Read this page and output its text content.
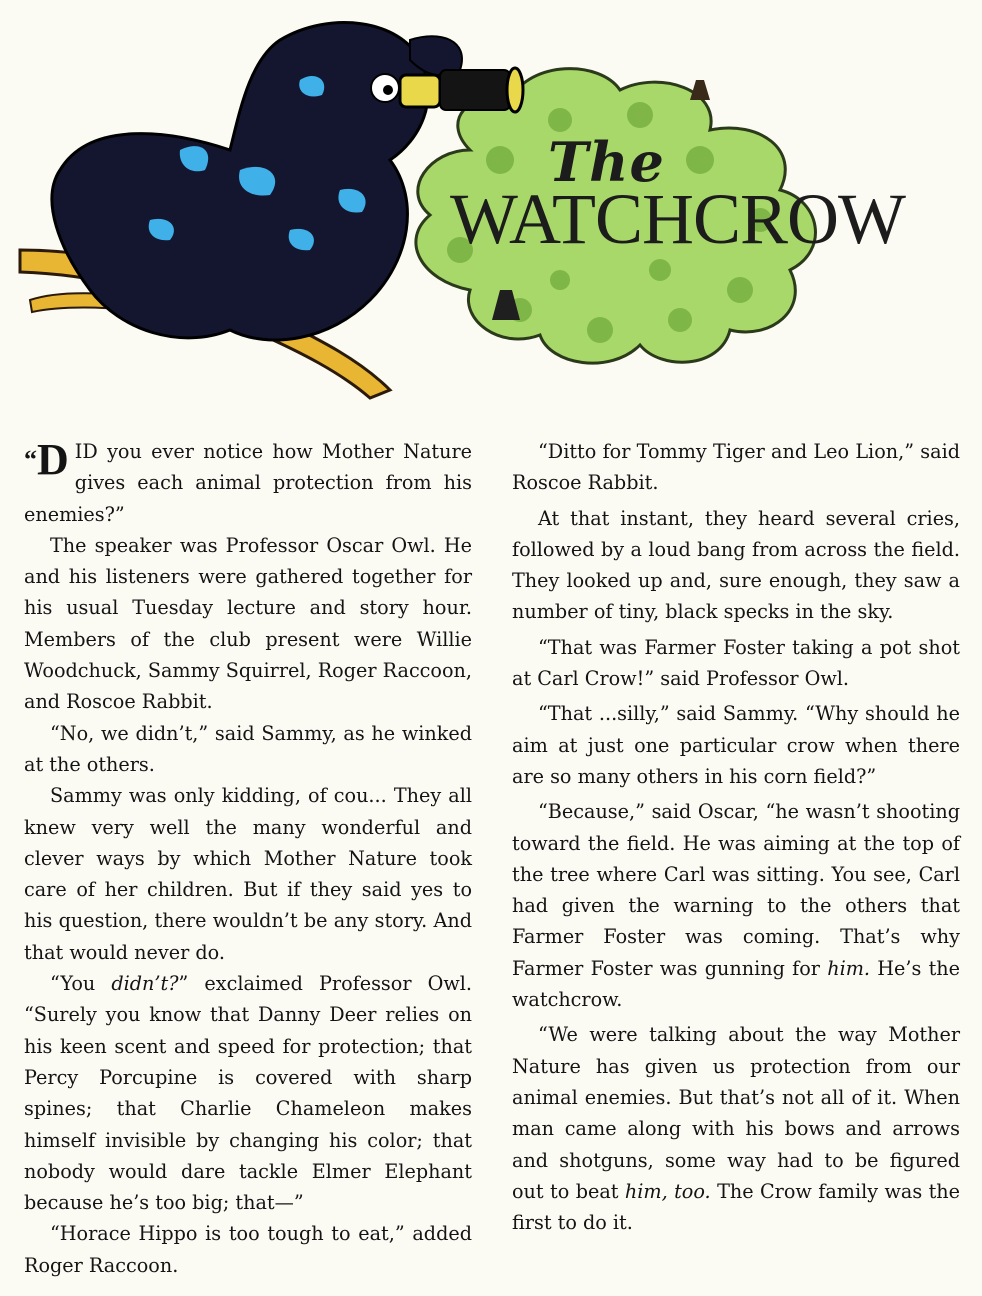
The
WATCHCROW

“D ID you ever notice how Mother Nature gives each animal protection from his enemies?”

The speaker was Professor Oscar Owl. He and his listeners were gathered together for his usual Tuesday lecture and story hour. Members of the club present were Willie Woodchuck, Sammy Squirrel, Roger Raccoon, and Roscoe Rabbit.

“No, we didn’t,” said Sammy, as he winked at the others.

Sammy was only kidding, of cou... They all knew very well the many wonderful and clever ways by which Mother Nature took care of her children. But if they said yes to his question, there wouldn’t be any story. And that would never do.

“You didn’t?” exclaimed Professor Owl. “Surely you know that Danny Deer relies on his keen scent and speed for protection; that Percy Porcupine is covered with sharp spines; that Charlie Chameleon makes himself invisible by changing his color; that nobody would dare tackle Elmer Elephant because he’s too big; that—”

“Horace Hippo is too tough to eat,” added Roger Raccoon.

“Ditto for Tommy Tiger and Leo Lion,” said Roscoe Rabbit.

At that instant, they heard several cries, followed by a loud bang from across the field. They looked up and, sure enough, they saw a number of tiny, black specks in the sky.

“That was Farmer Foster taking a pot shot at Carl Crow!” said Professor Owl.

“That ...silly,” said Sammy. “Why should he aim at just one particular crow when there are so many others in his corn field?”

“Because,” said Oscar, “he wasn’t shooting toward the field. He was aiming at the top of the tree where Carl was sitting. You see, Carl had given the warning to the others that Farmer Foster was coming. That’s why Farmer Foster was gunning for him. He’s the watchcrow.

“We were talking about the way Mother Nature has given us protection from our animal enemies. But that’s not all of it. When man came along with his bows and arrows and shotguns, some way had to be figured out to beat him, too. The Crow family was the first to do it.
